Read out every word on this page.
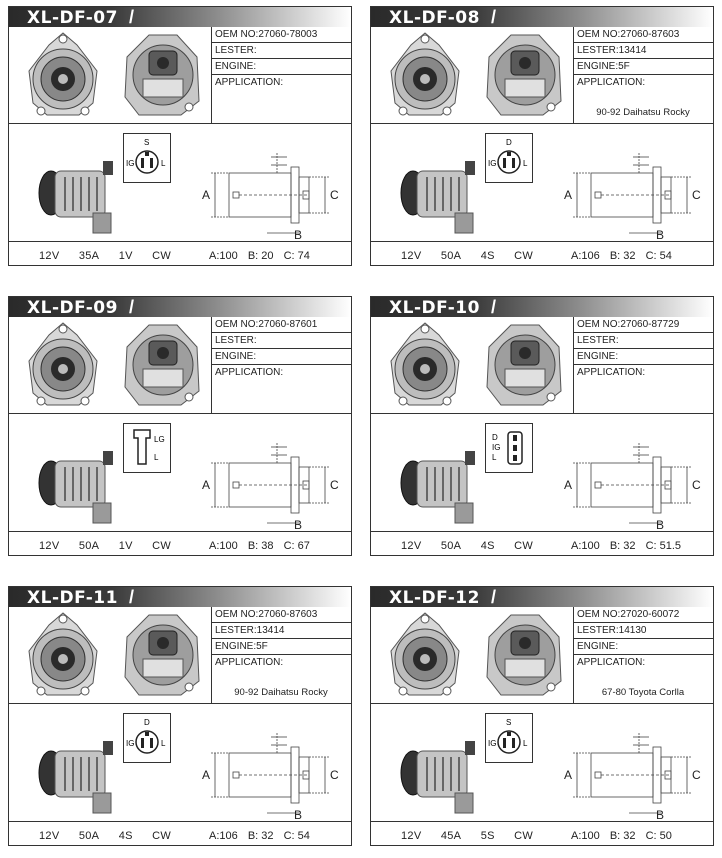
XL-DF-07 /
OEM NO:27060-78003
LESTER:
ENGINE:
APPLICATION:
S
IG	L
A	C
B
12V 35A 1V CW	A:100 B: 20 C: 74
XL-DF-08 /
OEM NO:27060-87603
LESTER:13414
ENGINE:5F
APPLICATION:
90-92 Daihatsu Rocky
D
IG	L
A	C
B
12V 50A 4S CW	A:106 B: 32 C: 54
XL-DF-09 /
OEM NO:27060-87601
LESTER:
ENGINE:
APPLICATION:
LG
L
A	C
B
12V 50A 1V CW	A:100 B: 38 C: 67
XL-DF-10 /
OEM NO:27060-87729
LESTER:
ENGINE:
APPLICATION:
D
IG
L
A	C
B
12V 50A 4S CW	A:100 B: 32 C: 51.5
XL-DF-11 /
OEM NO:27060-87603
LESTER:13414
ENGINE:5F
APPLICATION:
90-92 Daihatsu Rocky
D
IG	L
A	C
B
12V 50A 4S CW	A:106 B: 32 C: 54
XL-DF-12 /
OEM NO:27020-60072
LESTER:14130
ENGINE:
APPLICATION:
67-80 Toyota Corlla
S
IG	L
A	C
B
12V 45A 5S CW	A:100 B: 32 C: 50
